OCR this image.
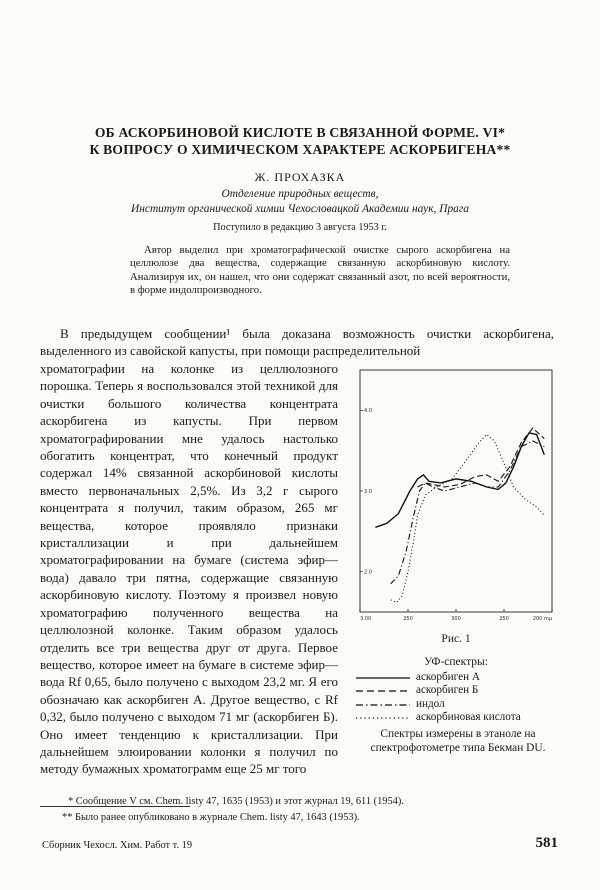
ОБ АСКОРБИНОВОЙ КИСЛОТЕ В СВЯЗАННОЙ ФОРМЕ. VI*
К ВОПРОСУ О ХИМИЧЕСКОМ ХАРАКТЕРЕ АСКОРБИГЕНА**
Ж. ПРОХАЗКА
Отделение природных веществ,
Институт органической химии Чехословацкой Академии наук, Прага
Поступило в редакцию 3 августа 1953 г.
Автор выделил при хроматографической очистке сырого аскорбигена на целлюлозе два вещества, содержащие связанную аскорбиновую кислоту. Анализируя их, он нашел, что они содержат связанный азот, по всей вероятности, в форме индолпроизводного.
В предыдущем сообщении¹ была доказана возможность очистки аскорбигена, выделенного из савойской капусты, при помощи распределительной

хроматографии на колонке из целлюлозного порошка. Теперь я воспользовался этой техникой для очистки большого количества концентрата аскорбигена из капусты. При первом хроматографировании мне удалось настолько обогатить концентрат, что конечный продукт содержал 14% связанной аскорбиновой кислоты вместо первоначальных 2,5%. Из 3,2 г сырого концентрата я получил, таким образом, 265 мг вещества, которое проявляло признаки кристаллизации и при дальнейшем хроматографировании на бумаге (система эфир—вода) давало три пятна, содержащие связанную аскорбиновую кислоту. Поэтому я произвел новую хроматографию полученного вещества на целлюлозной колонке. Таким образом удалось отделить все три вещества друг от друга. Первое вещество, которое имеет на бумаге в системе эфир—вода Rf 0,65, было получено с выходом 23,2 мг. Я его обозначаю как аскорбиген А. Другое вещество, с Rf 0,32, было получено с выходом 71 мг (аскорбиген Б). Оно имеет тенденцию к кристаллизации. При дальнейшем элюировании колонки я получил по методу бумажных хроматограмм еще 25 мг того

3.00	250	300	250	200 mμ
4.0
3.0
2.0
Рис. 1
УФ-спектры:
аскорбиген А
аскорбиген Б
индол
аскорбиновая кислота
Спектры измерены в этаноле на спектрофотометре типа Бекман DU.
* Сообщение V см. Chem. listy 47, 1635 (1953) и этот журнал 19, 611 (1954).
** Было ранее опубликовано в журнале Chem. listy 47, 1643 (1953).
Сборник Чехосл. Хим. Работ т. 19	581
